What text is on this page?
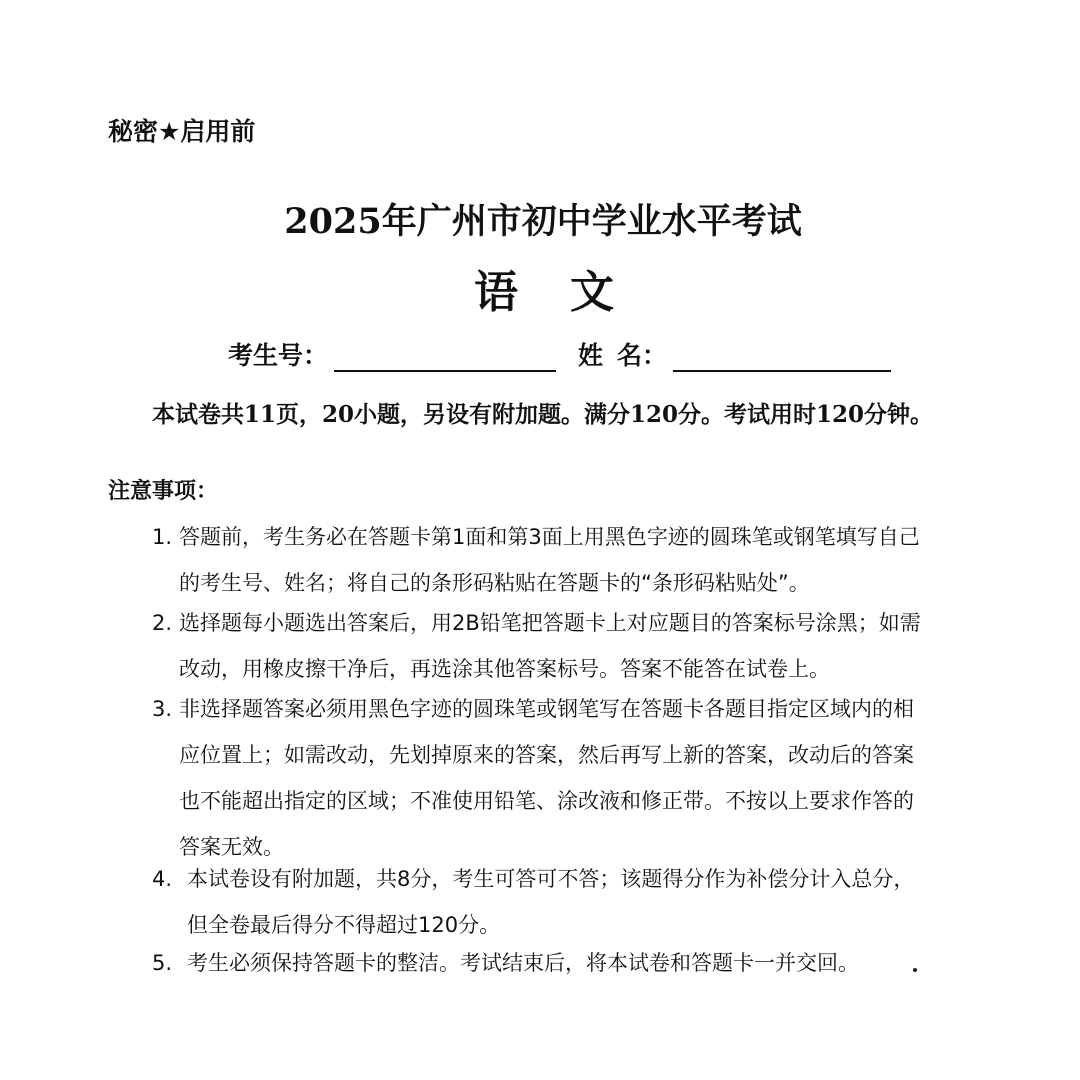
秘密★启用前
2025年广州市初中学业水平考试
语 文
考生号：	姓 名：
本试卷共11页，20小题，另设有附加题。满分120分。考试用时120分钟。
注意事项：
1. 答题前，考生务必在答题卡第1面和第3面上用黑色字迹的圆珠笔或钢笔填写自己
的考生号、姓名；将自己的条形码粘贴在答题卡的“条形码粘贴处”。
2. 选择题每小题选出答案后，用2B铅笔把答题卡上对应题目的答案标号涂黑；如需
改动，用橡皮擦干净后，再选涂其他答案标号。答案不能答在试卷上。
3. 非选择题答案必须用黑色字迹的圆珠笔或钢笔写在答题卡各题目指定区域内的相
应位置上；如需改动，先划掉原来的答案，然后再写上新的答案，改动后的答案
也不能超出指定的区域；不准使用铅笔、涂改液和修正带。不按以上要求作答的
答案无效。
4. 本试卷设有附加题，共8分，考生可答可不答；该题得分作为补偿分计入总分，
但全卷最后得分不得超过120分。
5. 考生必须保持答题卡的整洁。考试结束后，将本试卷和答题卡一并交回。
